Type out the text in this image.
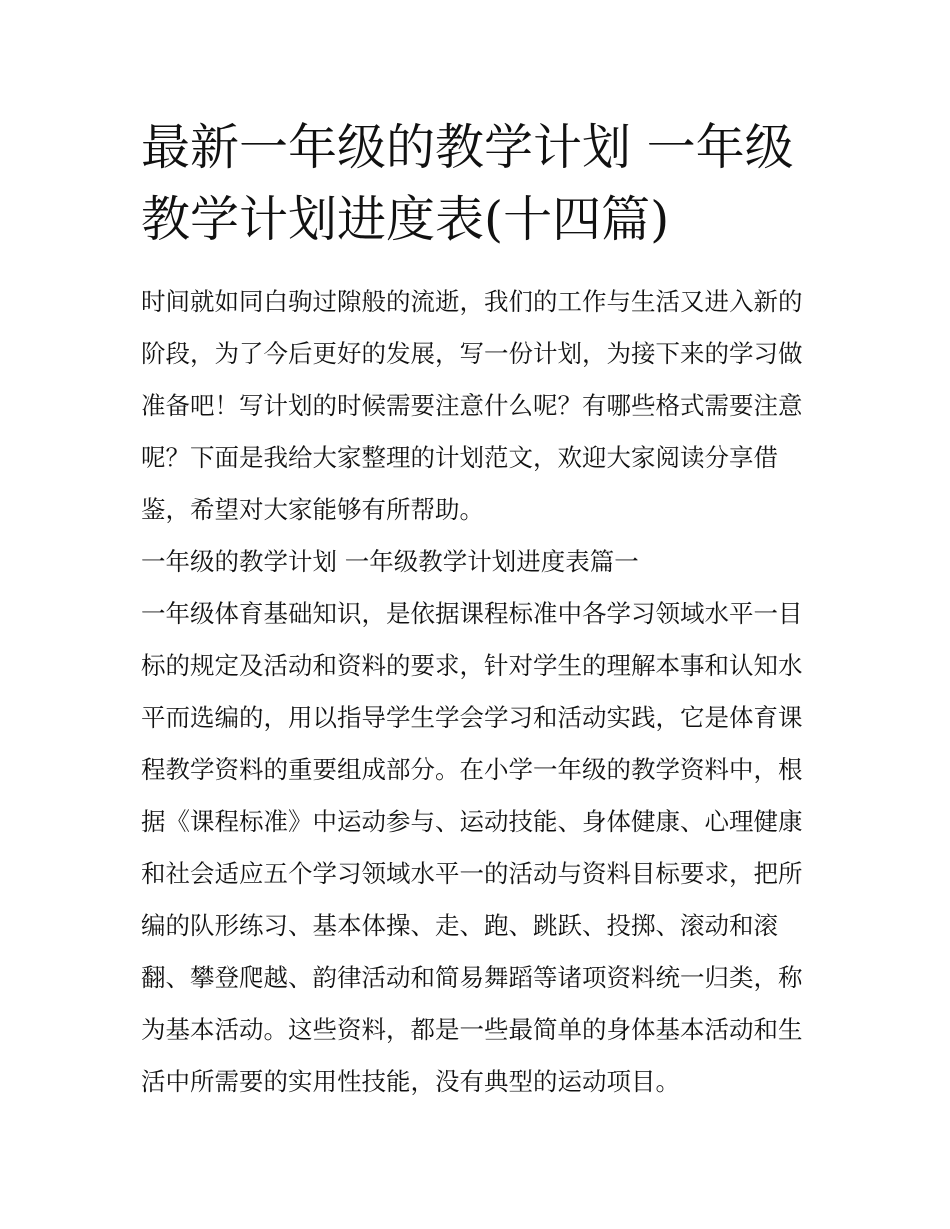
最新一年级的教学计划 一年级教学计划进度表(十四篇)

时间就如同白驹过隙般的流逝，我们的工作与生活又进入新的阶段，为了今后更好的发展，写一份计划，为接下来的学习做准备吧！写计划的时候需要注意什么呢？有哪些格式需要注意呢？下面是我给大家整理的计划范文，欢迎大家阅读分享借鉴，希望对大家能够有所帮助。

一年级的教学计划 一年级教学计划进度表篇一

一年级体育基础知识，是依据课程标准中各学习领域水平一目标的规定及活动和资料的要求，针对学生的理解本事和认知水平而选编的，用以指导学生学会学习和活动实践，它是体育课程教学资料的重要组成部分。在小学一年级的教学资料中，根据《课程标准》中运动参与、运动技能、身体健康、心理健康和社会适应五个学习领域水平一的活动与资料目标要求，把所编的队形练习、基本体操、走、跑、跳跃、投掷、滚动和滚翻、攀登爬越、韵律活动和简易舞蹈等诸项资料统一归类，称为基本活动。这些资料，都是一些最简单的身体基本活动和生活中所需要的实用性技能，没有典型的运动项目。
